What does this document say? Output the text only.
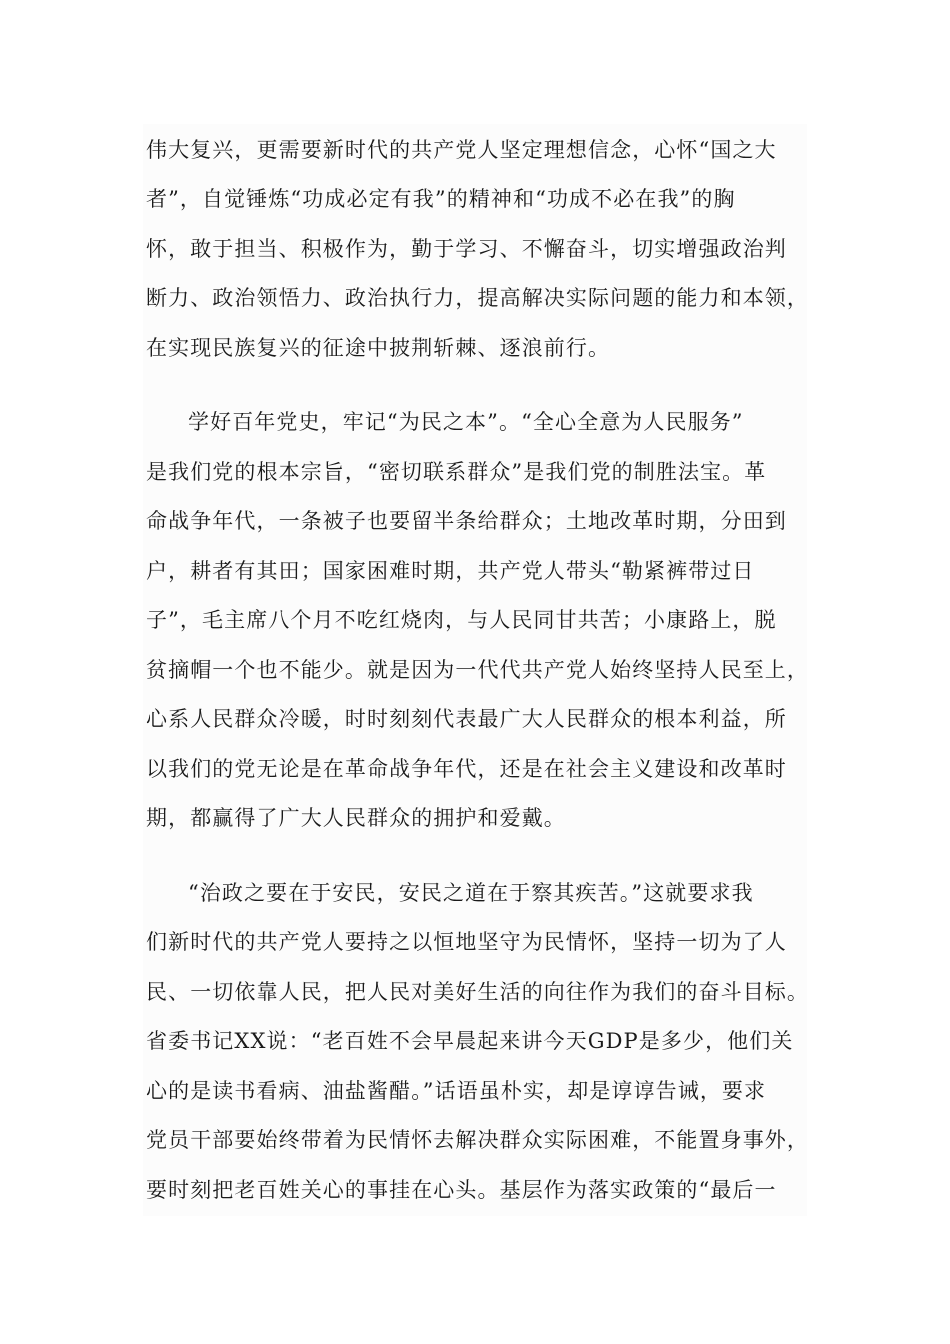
伟大复兴，更需要新时代的共产党人坚定理想信念，心怀“国之大
者”，自觉锤炼“功成必定有我”的精神和“功成不必在我”的胸
怀，敢于担当、积极作为，勤于学习、不懈奋斗，切实增强政治判
断力、政治领悟力、政治执行力，提高解决实际问题的能力和本领，
在实现民族复兴的征途中披荆斩棘、逐浪前行。
学好百年党史，牢记“为民之本”。“全心全意为人民服务”
是我们党的根本宗旨，“密切联系群众”是我们党的制胜法宝。革
命战争年代，一条被子也要留半条给群众；土地改革时期，分田到
户，耕者有其田；国家困难时期，共产党人带头“勒紧裤带过日
子”，毛主席八个月不吃红烧肉，与人民同甘共苦；小康路上，脱
贫摘帽一个也不能少。就是因为一代代共产党人始终坚持人民至上，
心系人民群众冷暖，时时刻刻代表最广大人民群众的根本利益，所
以我们的党无论是在革命战争年代，还是在社会主义建设和改革时
期，都赢得了广大人民群众的拥护和爱戴。
“治政之要在于安民，安民之道在于察其疾苦。”这就要求我
们新时代的共产党人要持之以恒地坚守为民情怀，坚持一切为了人
民、一切依靠人民，把人民对美好生活的向往作为我们的奋斗目标。
省委书记XX说：“老百姓不会早晨起来讲今天GDP是多少，他们关
心的是读书看病、油盐酱醋。”话语虽朴实，却是谆谆告诫，要求
党员干部要始终带着为民情怀去解决群众实际困难，不能置身事外，
要时刻把老百姓关心的事挂在心头。基层作为落实政策的“最后一
